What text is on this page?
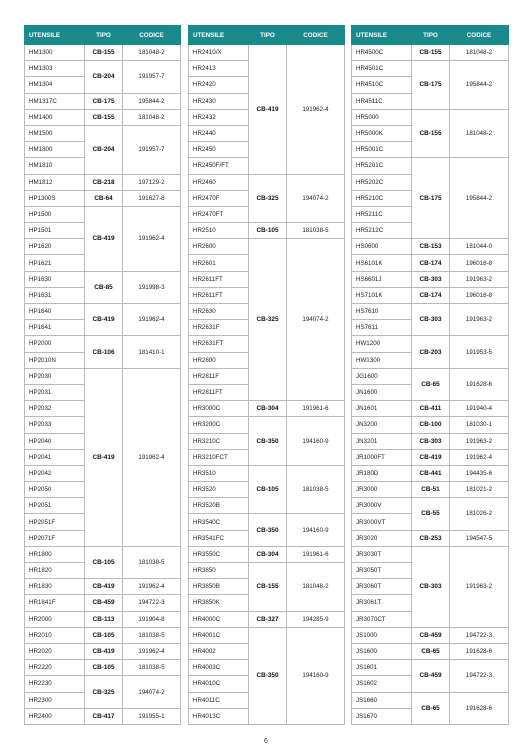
UTENSILE	TIPO	CODICE
HM1300	CB-155	181048-2
HM1303	CB-204	191957-7
HM1304		
HM1317C	CB-175	195844-2
HM1400	CB-155	181048-2
HM1500	CB-204	191957-7
HM1800		
HM1810		
HM1812	CB-218	197129-2
HP1300S	CB-64	191627-8
HP1500	CB-419	191962-4
HP1501		
HP1620		
HP1621		
HP1630	CB-85	191998-3
HP1631		
HP1640	CB-419	191962-4
HP1641		
HP2000	CB-106	181410-1
HP2010N		
HP2030	CB-419	191962-4
HP2031		
HP2032		
HP2033		
HP2040		
HP2041		
HP2042		
HP2050		
HP2051		
HP2051F		
HP2071F		
HR1800	CB-105	181038-5
HR1820		
HR1830	CB-419	191962-4
HR1841F	CB-459	194722-3
HR2000	CB-113	191904-8
HR2010	CB-105	181038-5
HR2020	CB-419	191962-4
HR2220	CB-105	181038-5
HR2230	CB-325	194074-2
HR2300		
HR2400	CB-417	191955-1
UTENSILE	TIPO	CODICE
HR2410/X	CB-419	191962-4
HR2413		
HR2420		
HR2430		
HR2432		
HR2440		
HR2450		
HR2450F/FT		
HR2460	CB-325	194074-2
HR2470F		
HR2470FT		
HR2510	CB-105	181038-5
HR2600	CB-325	194074-2
HR2601		
HR2611FT		
HR2611FT		
HR2630		
HR2631F		
HR2631FT		
HR2800		
HR2811F		
HR2811FT		
HR3000C	CB-304	191961-6
HR3200C	CB-350	194160-9
HR3210C		
HR3210FCT		
HR3510	CB-105	181038-5
HR3520		
HR3520B		
HR3540C	CB-350	194160-9
HR3541FC		
HR3550C	CB-304	191961-6
HR3850	CB-155	181048-2
HR3850B		
HR3850K		
HR4000C	CB-327	194285-9
HR4001C	CB-350	194160-9
HR4002		
HR4003C		
HR4010C		
HR4011C		
HR4013C		
UTENSILE	TIPO	CODICE
HR4500C	CB-155	181048-2
HR4501C	CB-175	195844-2
HR4510C		
HR4511C		
HR5000	CB-155	181048-2
HR5000K		
HR5001C		
HR5201C	CB-175	195844-2
HR5202C		
HR5210C		
HR5211C		
HR5212C		
HS0600	CB-153	181044-0
HS6101K	CB-174	196018-8
HS6601J	CB-303	191963-2
HS7101K	CB-174	196018-8
HS7610	CB-303	191963-2
HS7611		
HW1200	CB-203	191953-5
HW1300		
JG1600	CB-65	191628-6
JN1600		
JN1601	CB-411	191940-4
JN3200	CB-100	181030-1
JN3201	CB-303	191963-2
JR1000FT	CB-419	191962-4
JR180D	CB-441	194435-6
JR3000	CB-51	181021-2
JR3000V	CB-55	181026-2
JR3000VT		
JR3020	CB-253	194547-5
JR3030T	CB-303	191963-2
JR3050T		
JR3060T		
JR3061T		
JR3070CT		
JS1000	CB-459	194722-3
JS1600	CB-65	191628-6
JS1601	CB-459	194722-3
JS1602		
JS1660	CB-65	191628-6
JS1670		
6
